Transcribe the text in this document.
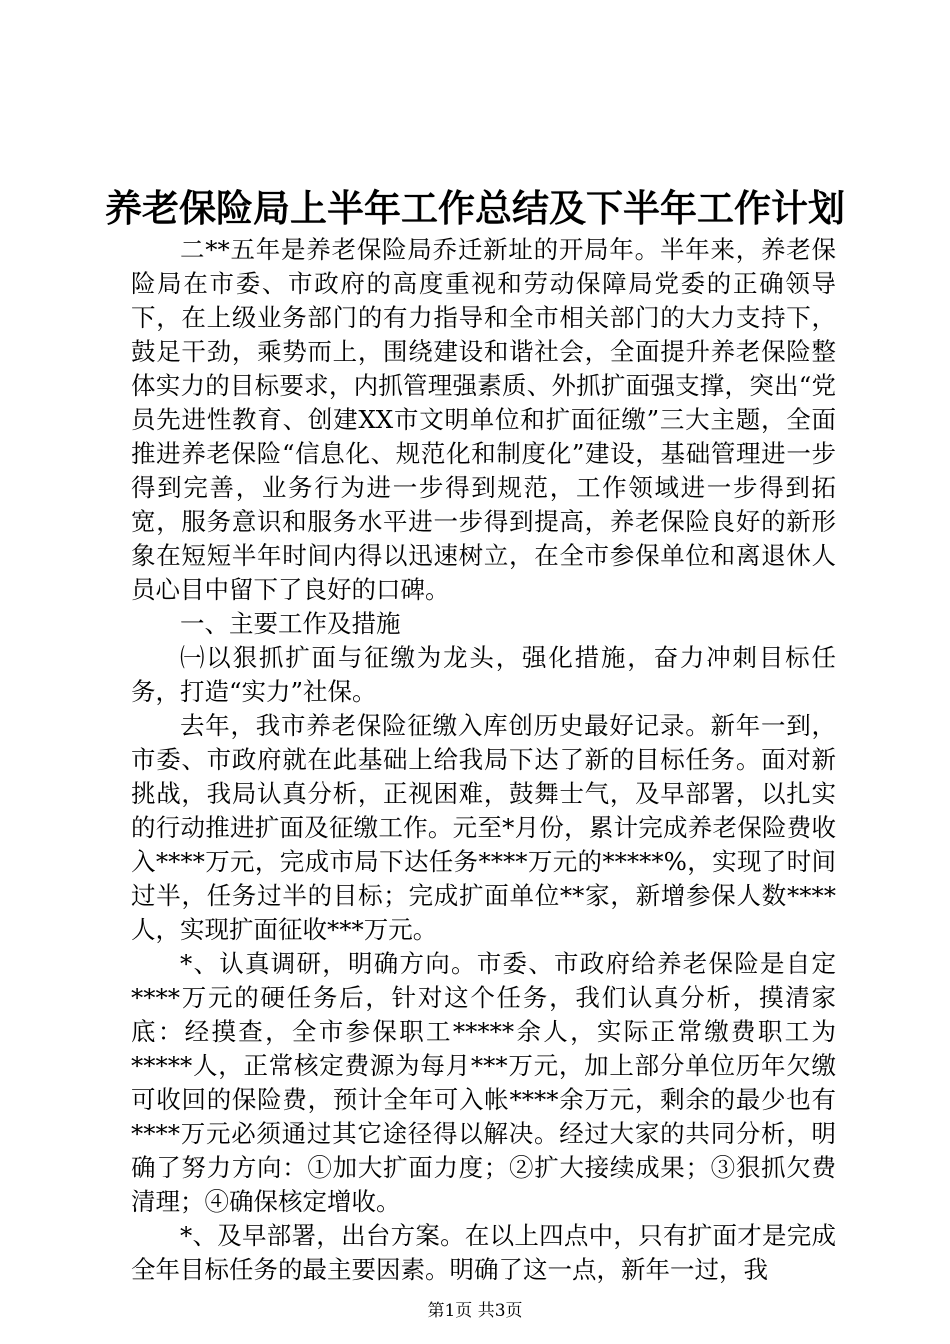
养老保险局上半年工作总结及下半年工作计划

二**五年是养老保险局乔迁新址的开局年。半年来，养老保险局在市委、市政府的高度重视和劳动保障局党委的正确领导下，在上级业务部门的有力指导和全市相关部门的大力支持下，鼓足干劲，乘势而上，围绕建设和谐社会，全面提升养老保险整体实力的目标要求，内抓管理强素质、外抓扩面强支撑，突出“党员先进性教育、创建XX市文明单位和扩面征缴”三大主题，全面推进养老保险“信息化、规范化和制度化”建设，基础管理进一步得到完善，业务行为进一步得到规范，工作领域进一步得到拓宽，服务意识和服务水平进一步得到提高，养老保险良好的新形象在短短半年时间内得以迅速树立，在全市参保单位和离退休人员心目中留下了良好的口碑。

一、主要工作及措施

㈠以狠抓扩面与征缴为龙头，强化措施，奋力冲刺目标任务，打造“实力”社保。

去年，我市养老保险征缴入库创历史最好记录。新年一到，市委、市政府就在此基础上给我局下达了新的目标任务。面对新挑战，我局认真分析，正视困难，鼓舞士气，及早部署，以扎实的行动推进扩面及征缴工作。元至*月份，累计完成养老保险费收入****万元，完成市局下达任务****万元的*****%，实现了时间过半，任务过半的目标；完成扩面单位**家，新增参保人数****人，实现扩面征收***万元。

*、认真调研，明确方向。市委、市政府给养老保险是自定****万元的硬任务后，针对这个任务，我们认真分析，摸清家底：经摸查，全市参保职工*****余人，实际正常缴费职工为*****人，正常核定费源为每月***万元，加上部分单位历年欠缴可收回的保险费，预计全年可入帐****余万元，剩余的最少也有****万元必须通过其它途径得以解决。经过大家的共同分析，明确了努力方向：①加大扩面力度；②扩大接续成果；③狠抓欠费清理；④确保核定增收。

*、及早部署，出台方案。在以上四点中，只有扩面才是完成全年目标任务的最主要因素。明确了这一点，新年一过，我

第1页 共3页
